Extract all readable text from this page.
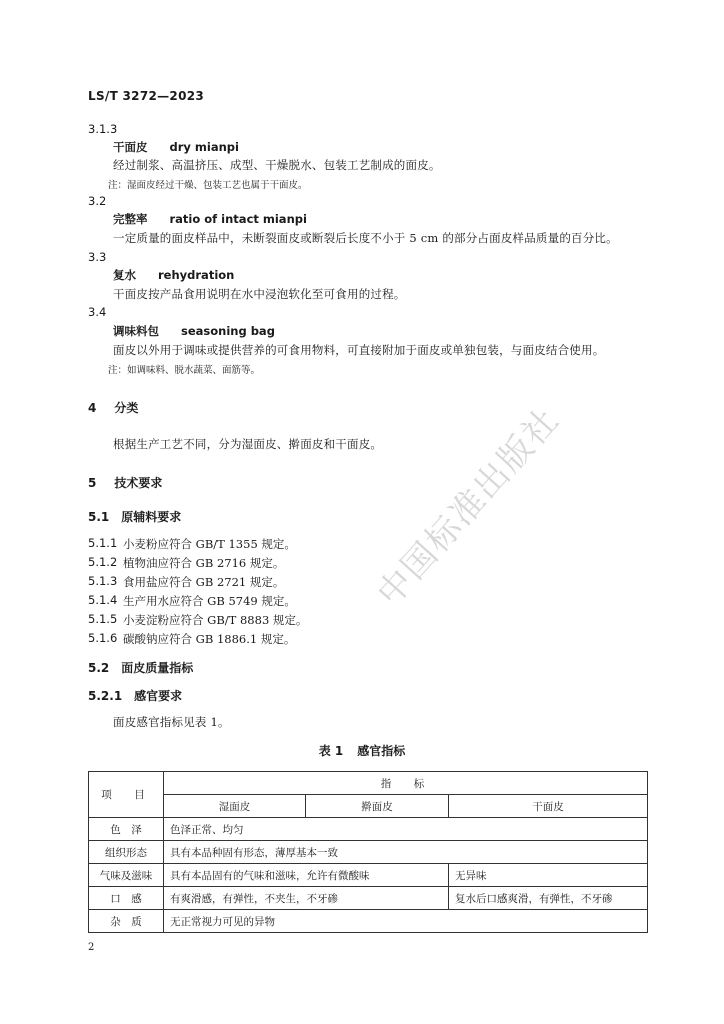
LS/T 3272—2023
3.1.3
干面皮 dry mianpi
经过制浆、高温挤压、成型、干燥脱水、包装工艺制成的面皮。
注：湿面皮经过干燥、包装工艺也属于干面皮。
3.2
完整率 ratio of intact mianpi
一定质量的面皮样品中，未断裂面皮或断裂后长度不小于 5 cm 的部分占面皮样品质量的百分比。
3.3
复水 rehydration
干面皮按产品食用说明在水中浸泡软化至可食用的过程。
3.4
调味料包 seasoning bag
面皮以外用于调味或提供营养的可食用物料，可直接附加于面皮或单独包装，与面皮结合使用。
注：如调味料、脱水蔬菜、面筋等。
4 分类
根据生产工艺不同，分为湿面皮、擀面皮和干面皮。
5 技术要求
5.1 原辅料要求
5.1.1 小麦粉应符合 GB/T 1355 规定。
5.1.2 植物油应符合 GB 2716 规定。
5.1.3 食用盐应符合 GB 2721 规定。
5.1.4 生产用水应符合 GB 5749 规定。
5.1.5 小麦淀粉应符合 GB/T 8883 规定。
5.1.6 碳酸钠应符合 GB 1886.1 规定。
5.2 面皮质量指标
5.2.1 感官要求
面皮感官指标见表 1。
表 1 感官指标
项　目	指　标		
	湿面皮	擀面皮	干面皮
色　泽	色泽正常、均匀		
组织形态	具有本品种固有形态，薄厚基本一致		
气味及滋味	具有本品固有的气味和滋味，允许有微酸味		无异味
口　感	有爽滑感，有弹性，不夹生，不牙碜		复水后口感爽滑，有弹性，不牙碜
杂　质	无正常视力可见的异物		
2
中国标准出版社
